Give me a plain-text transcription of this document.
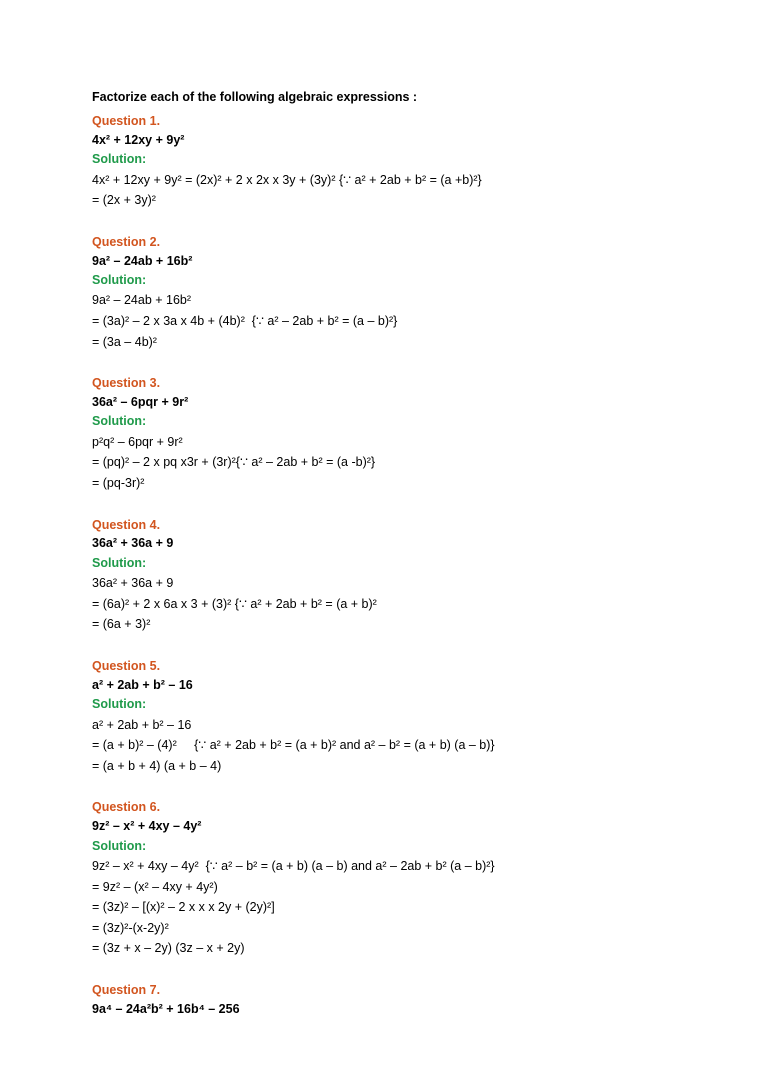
Factorize each of the following algebraic expressions :

Question 1.

4x² + 12xy + 9y²

Solution:

4x² + 12xy + 9y² = (2x)² + 2 x 2x x 3y + (3y)² {∵ a² + 2ab + b² = (a +b)²}

= (2x + 3y)²

Question 2.

9a² – 24ab + 16b²

Solution:

9a² – 24ab + 16b²

= (3a)² – 2 x 3a x 4b + (4b)²  {∵ a² – 2ab + b² = (a – b)²}

= (3a – 4b)²

Question 3.

36a² – 6pqr + 9r²

Solution:

p²q² – 6pqr + 9r²

= (pq)² – 2 x pq x3r + (3r)²{∵ a² – 2ab + b² = (a -b)²}

= (pq-3r)²

Question 4.

36a² + 36a + 9

Solution:

36a² + 36a + 9

= (6a)² + 2 x 6a x 3 + (3)² {∵ a² + 2ab + b² = (a + b)²

= (6a + 3)²

Question 5.

a² + 2ab + b² – 16

Solution:

a² + 2ab + b² – 16

= (a + b)² – (4)²     {∵ a² + 2ab + b² = (a + b)² and a² – b² = (a + b) (a – b)}

= (a + b + 4) (a + b – 4)

Question 6.

9z² – x² + 4xy – 4y²

Solution:

9z² – x² + 4xy – 4y²  {∵ a² – b² = (a + b) (a – b) and a² – 2ab + b² (a – b)²}

= 9z² – (x² – 4xy + 4y²)

= (3z)² – [(x)² – 2 x x x 2y + (2y)²]

= (3z)²-(x-2y)²

= (3z + x – 2y) (3z – x + 2y)

Question 7.

9a⁴ – 24a²b² + 16b⁴ – 256
